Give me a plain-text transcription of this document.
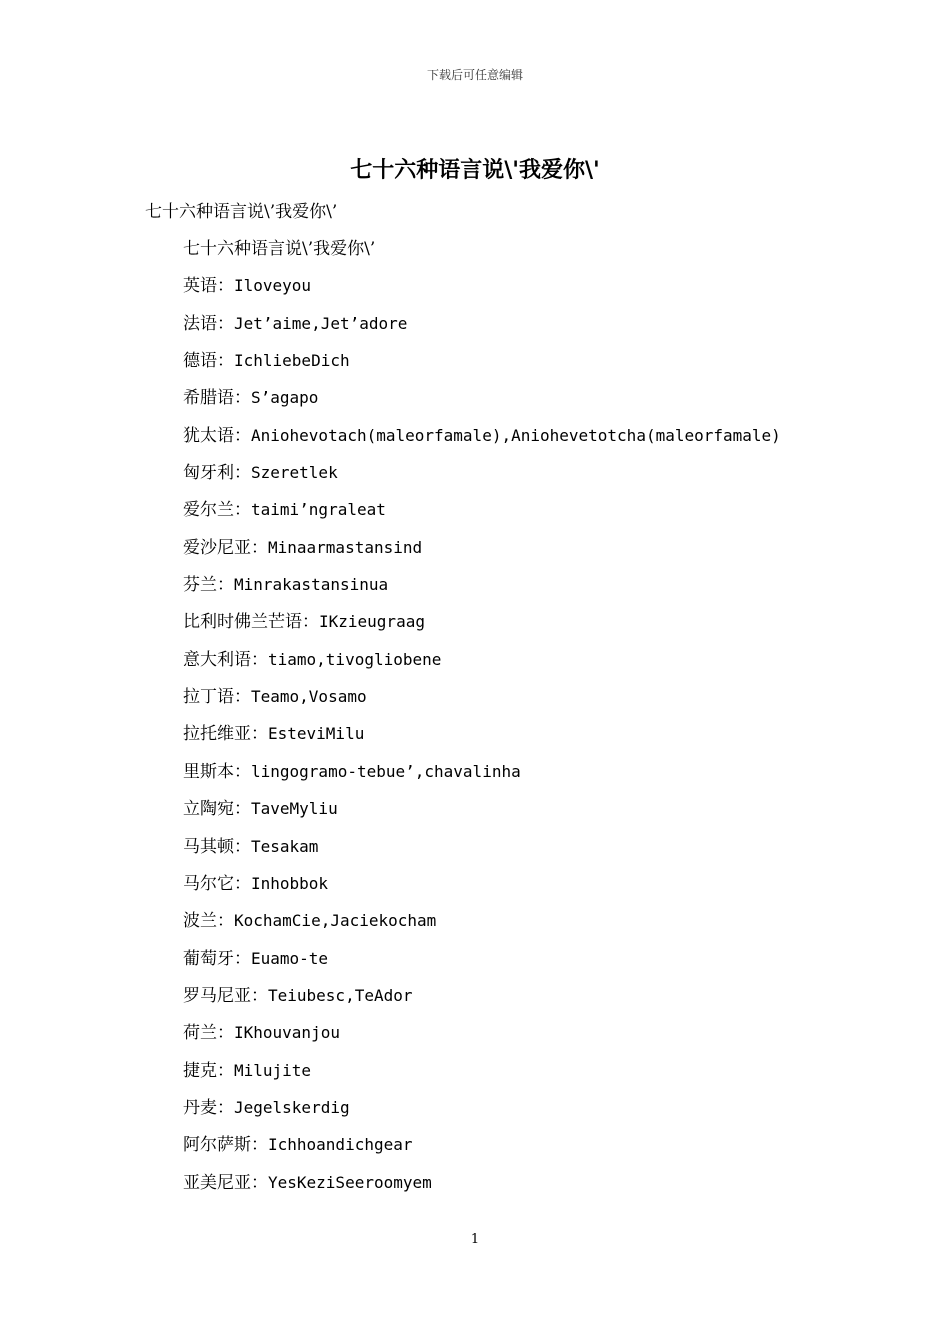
下载后可任意编辑
七十六种语言说\'我爱你\'
七十六种语言说\’我爱你\’
七十六种语言说\’我爱你\’
英语：Iloveyou
法语：Jet’aime,Jet’adore
德语：IchliebeDich
希腊语：S’agapo
犹太语：Aniohevotach(maleorfamale),Aniohevetotcha(maleorfamale)
匈牙利：Szeretlek
爱尔兰：taimi’ngraleat
爱沙尼亚：Minaarmastansind
芬兰：Minrakastansinua
比利时佛兰芒语：IKzieugraag
意大利语：tiamo,tivogliobene
拉丁语：Teamo,Vosamo
拉托维亚：EsteviMilu
里斯本：lingogramo-tebue’,chavalinha
立陶宛：TaveMyliu
马其顿：Tesakam
马尔它：Inhobbok
波兰：KochamCie,Jaciekocham
葡萄牙：Euamo-te
罗马尼亚：Teiubesc,TeAdor
荷兰：IKhouvanjou
捷克：Milujite
丹麦：Jegelskerdig
阿尔萨斯：Ichhoandichgear
亚美尼亚：YesKeziSeeroomyem
1
